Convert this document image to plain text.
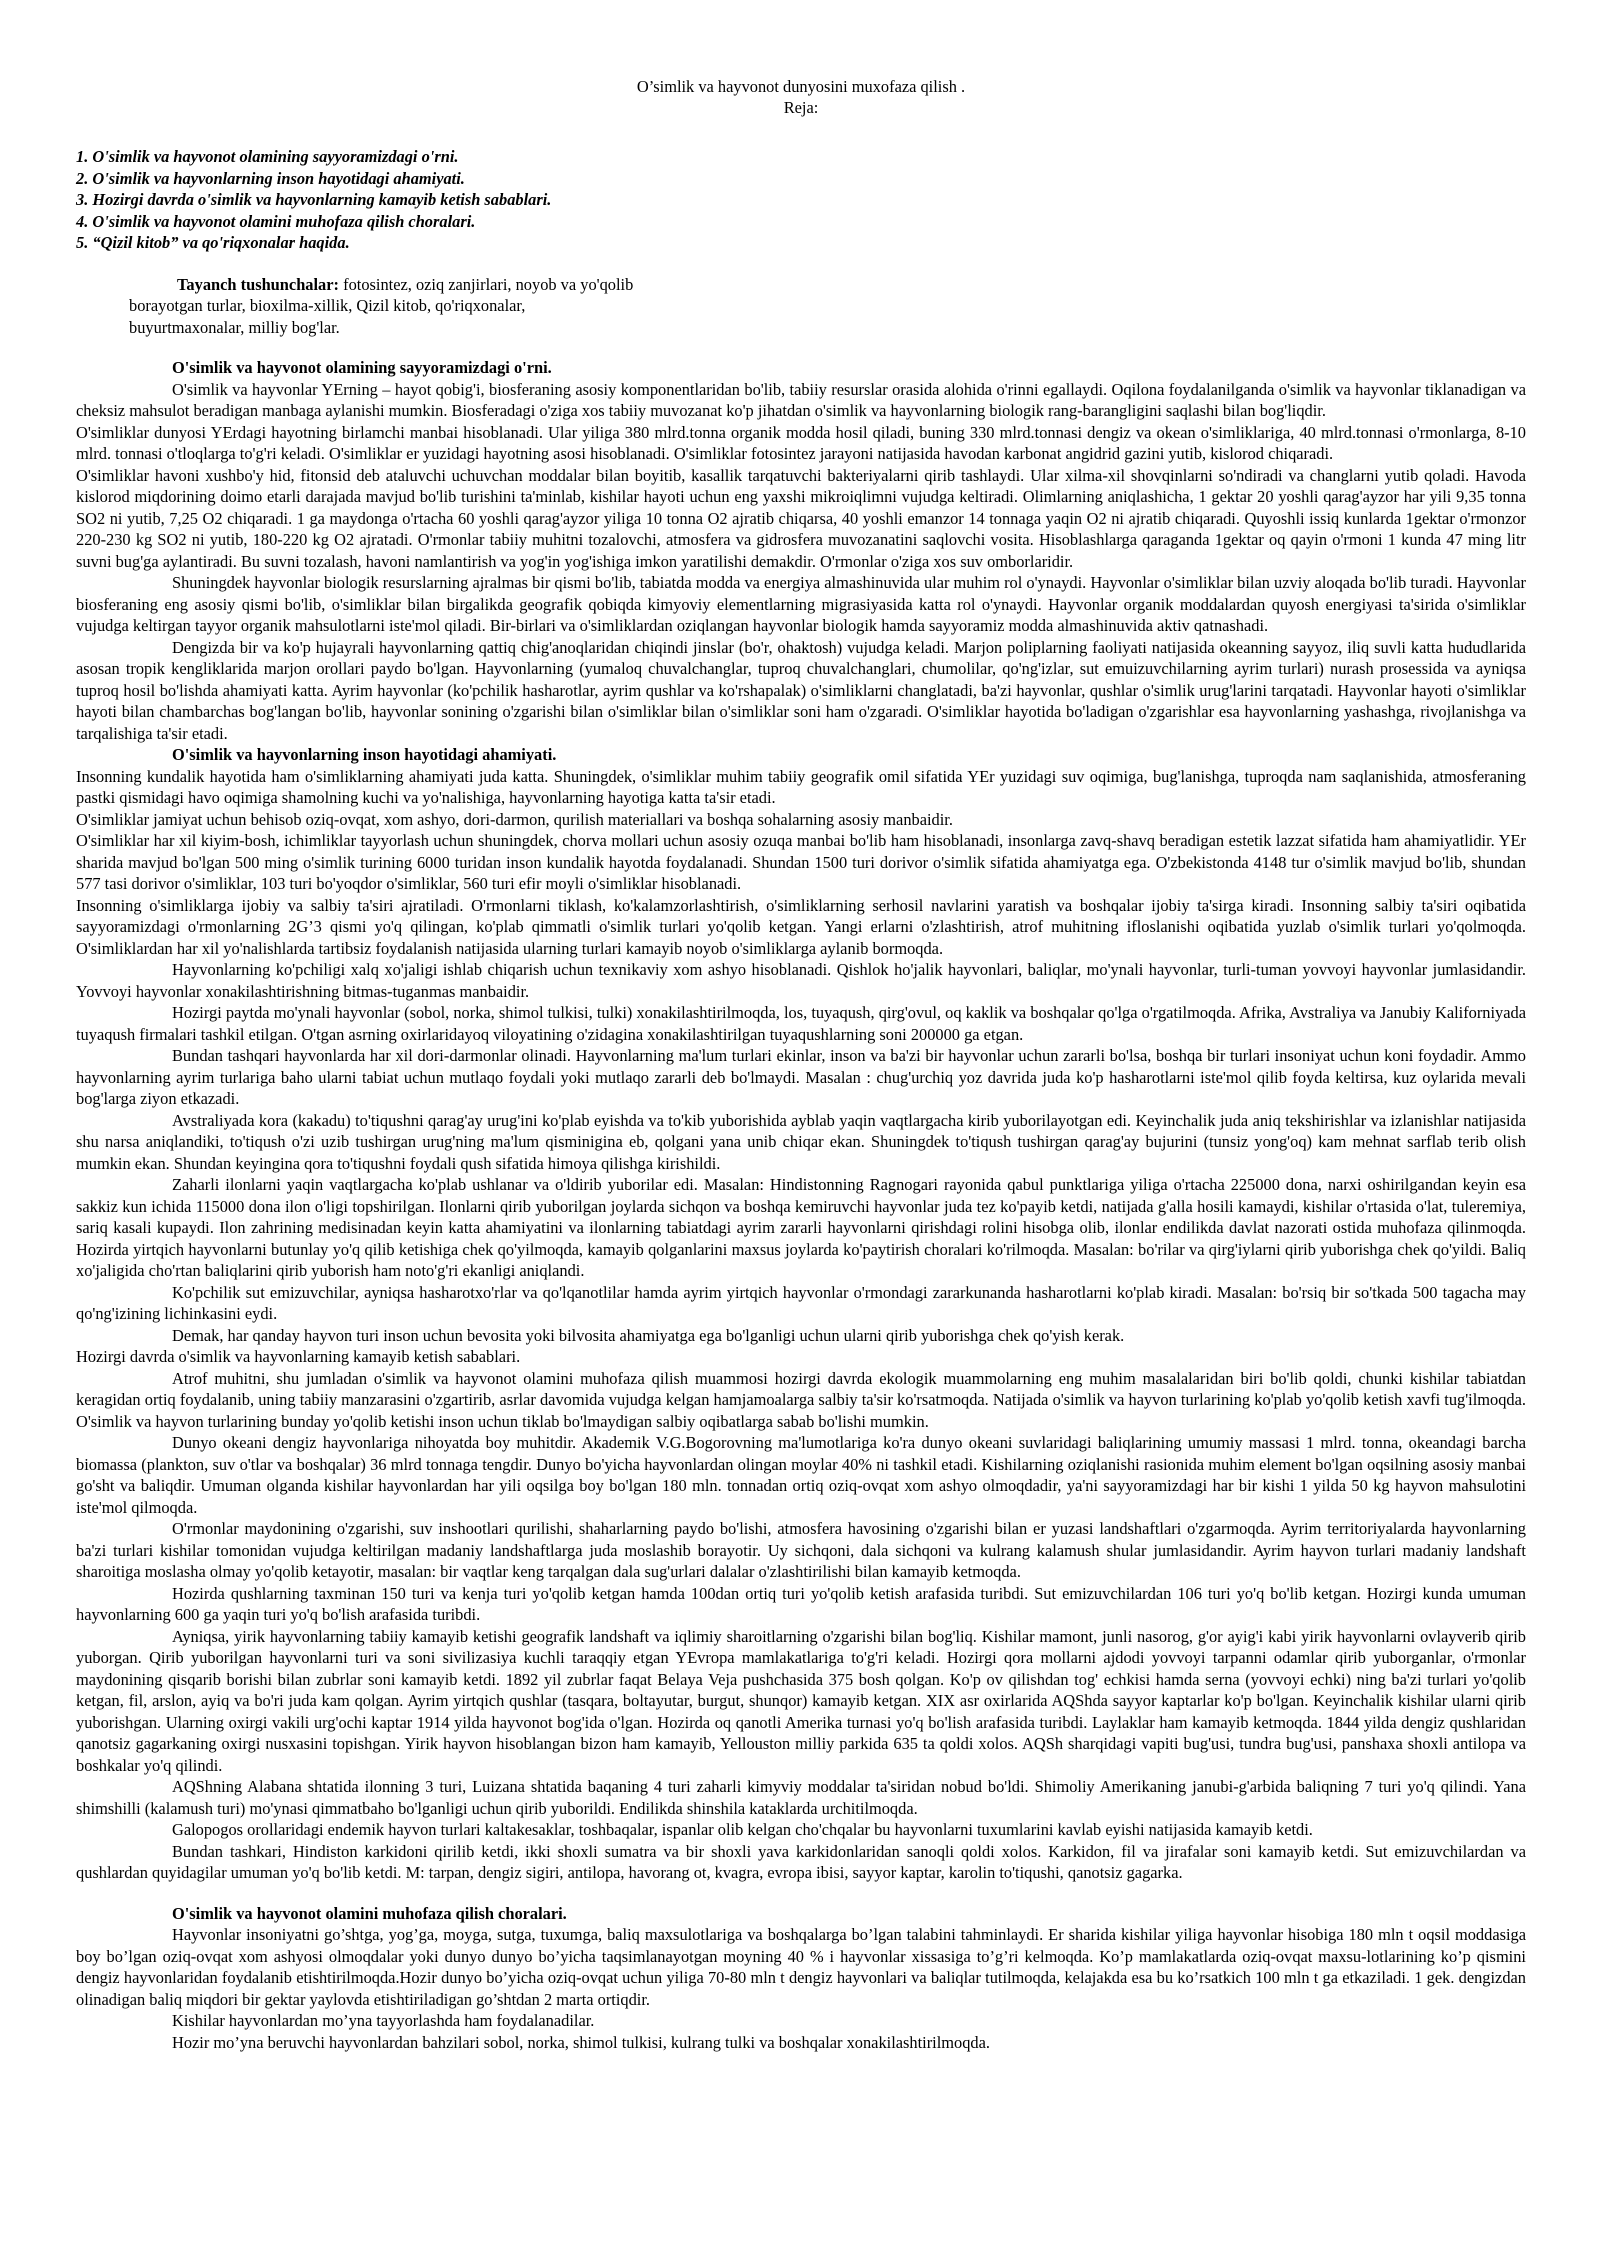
O’simlik va hayvonot dunyosini muxofaza qilish .
Reja:
1. O'simlik va hayvonot olamining sayyoramizdagi o'rni.
2. O'simlik va hayvonlarning inson hayotidagi ahamiyati.
3. Hozirgi davrda o'simlik va hayvonlarning kamayib ketish sabablari.
4. O'simlik va hayvonot olamini muhofaza qilish choralari.
5. “Qizil kitob” va qo'riqxonalar haqida.
Tayanch tushunchalar: fotosintez, oziq zanjirlari, noyob va yo'qolib
borayotgan turlar, bioxilma-xillik, Qizil kitob, qo'riqxonalar,
buyurtmaxonalar, milliy bog'lar.
O'simlik va hayvonot olamining sayyoramizdagi o'rni.

O'simlik va hayvonlar YErning – hayot qobig'i, biosferaning asosiy komponentlaridan bo'lib, tabiiy resurslar orasida alohida o'rinni egallaydi. Oqilona foydalanilganda o'simlik va hayvonlar tiklanadigan va cheksiz mahsulot beradigan manbaga aylanishi mumkin. Biosferadagi o'ziga xos tabiiy muvozanat ko'p jihatdan o'simlik va hayvonlarning biologik rang-barangligini saqlashi bilan bog'liqdir.

O'simliklar dunyosi YErdagi hayotning birlamchi manbai hisoblanadi. Ular yiliga 380 mlrd.tonna organik modda hosil qiladi, buning 330 mlrd.tonnasi dengiz va okean o'simliklariga, 40 mlrd.tonnasi o'rmonlarga, 8-10 mlrd. tonnasi o'tloqlarga to'g'ri keladi. O'simliklar er yuzidagi hayotning asosi hisoblanadi. O'simliklar fotosintez jarayoni natijasida havodan karbonat angidrid gazini yutib, kislorod chiqaradi.

O'simliklar havoni xushbo'y hid, fitonsid deb ataluvchi uchuvchan moddalar bilan boyitib, kasallik tarqatuvchi bakteriyalarni qirib tashlaydi. Ular xilma-xil shovqinlarni so'ndiradi va changlarni yutib qoladi. Havoda kislorod miqdorining doimo etarli darajada mavjud bo'lib turishini ta'minlab, kishilar hayoti uchun eng yaxshi mikroiqlimni vujudga keltiradi. Olimlarning aniqlashicha, 1 gektar 20 yoshli qarag'ayzor har yili 9,35 tonna SO2 ni yutib, 7,25 O2 chiqaradi. 1 ga maydonga o'rtacha 60 yoshli qarag'ayzor yiliga 10 tonna O2 ajratib chiqarsa, 40 yoshli emanzor 14 tonnaga yaqin O2 ni ajratib chiqaradi. Quyoshli issiq kunlarda 1gektar o'rmonzor 220-230 kg SO2 ni yutib, 180-220 kg O2 ajratadi. O'rmonlar tabiiy muhitni tozalovchi, atmosfera va gidrosfera muvozanatini saqlovchi vosita. Hisoblashlarga qaraganda 1gektar oq qayin o'rmoni 1 kunda 47 ming litr suvni bug'ga aylantiradi. Bu suvni tozalash, havoni namlantirish va yog'in yog'ishiga imkon yaratilishi demakdir. O'rmonlar o'ziga xos suv omborlaridir.

Shuningdek hayvonlar biologik resurslarning ajralmas bir qismi bo'lib, tabiatda modda va energiya almashinuvida ular muhim rol o'ynaydi. Hayvonlar o'simliklar bilan uzviy aloqada bo'lib turadi. Hayvonlar biosferaning eng asosiy qismi bo'lib, o'simliklar bilan birgalikda geografik qobiqda kimyoviy elementlarning migrasiyasida katta rol o'ynaydi. Hayvonlar organik moddalardan quyosh energiyasi ta'sirida o'simliklar vujudga keltirgan tayyor organik mahsulotlarni iste'mol qiladi. Bir-birlari va o'simliklardan oziqlangan hayvonlar biologik hamda sayyoramiz modda almashinuvida aktiv qatnashadi.

Dengizda bir va ko'p hujayrali hayvonlarning qattiq chig'anoqlaridan chiqindi jinslar (bo'r, ohaktosh) vujudga keladi. Marjon poliplarning faoliyati natijasida okeanning sayyoz, iliq suvli katta hududlarida asosan tropik kengliklarida marjon orollari paydo bo'lgan. Hayvonlarning (yumaloq chuvalchanglar, tuproq chuvalchanglari, chumolilar, qo'ng'izlar, sut emuizuvchilarning ayrim turlari) nurash prosessida va ayniqsa tuproq hosil bo'lishda ahamiyati katta. Ayrim hayvonlar (ko'pchilik hasharotlar, ayrim qushlar va ko'rshapalak) o'simliklarni changlatadi, ba'zi hayvonlar, qushlar o'simlik urug'larini tarqatadi. Hayvonlar hayoti o'simliklar hayoti bilan chambarchas bog'langan bo'lib, hayvonlar sonining o'zgarishi bilan o'simliklar bilan o'simliklar soni ham o'zgaradi. O'simliklar hayotida bo'ladigan o'zgarishlar esa hayvonlarning yashashga, rivojlanishga va tarqalishiga ta'sir etadi.

O'simlik va hayvonlarning inson hayotidagi ahamiyati.

Insonning kundalik hayotida ham o'simliklarning ahamiyati juda katta. Shuningdek, o'simliklar muhim tabiiy geografik omil sifatida YEr yuzidagi suv oqimiga, bug'lanishga, tuproqda nam saqlanishida, atmosferaning pastki qismidagi havo oqimiga shamolning kuchi va yo'nalishiga, hayvonlarning hayotiga katta ta'sir etadi.

O'simliklar jamiyat uchun behisob oziq-ovqat, xom ashyo, dori-darmon, qurilish materiallari va boshqa sohalarning asosiy manbaidir.

O'simliklar har xil kiyim-bosh, ichimliklar tayyorlash uchun shuningdek, chorva mollari uchun asosiy ozuqa manbai bo'lib ham hisoblanadi, insonlarga zavq-shavq beradigan estetik lazzat sifatida ham ahamiyatlidir. YEr sharida mavjud bo'lgan 500 ming o'simlik turining 6000 turidan inson kundalik hayotda foydalanadi. Shundan 1500 turi dorivor o'simlik sifatida ahamiyatga ega. O'zbekistonda 4148 tur o'simlik mavjud bo'lib, shundan 577 tasi dorivor o'simliklar, 103 turi bo'yoqdor o'simliklar, 560 turi efir moyli o'simliklar hisoblanadi.

Insonning o'simliklarga ijobiy va salbiy ta'siri ajratiladi. O'rmonlarni tiklash, ko'kalamzorlashtirish, o'simliklarning serhosil navlarini yaratish va boshqalar ijobiy ta'sirga kiradi. Insonning salbiy ta'siri oqibatida sayyoramizdagi o'rmonlarning 2G’3 qismi yo'q qilingan, ko'plab qimmatli o'simlik turlari yo'qolib ketgan. Yangi erlarni o'zlashtirish, atrof muhitning ifloslanishi oqibatida yuzlab o'simlik turlari yo'qolmoqda. O'simliklardan har xil yo'nalishlarda tartibsiz foydalanish natijasida ularning turlari kamayib noyob o'simliklarga aylanib bormoqda.

Hayvonlarning ko'pchiligi xalq xo'jaligi ishlab chiqarish uchun texnikaviy xom ashyo hisoblanadi. Qishlok ho'jalik hayvonlari, baliqlar, mo'ynali hayvonlar, turli-tuman yovvoyi hayvonlar jumlasidandir. Yovvoyi hayvonlar xonakilashtirishning bitmas-tuganmas manbaidir.

Hozirgi paytda mo'ynali hayvonlar (sobol, norka, shimol tulkisi, tulki) xonakilashtirilmoqda, los, tuyaqush, qirg'ovul, oq kaklik va boshqalar qo'lga o'rgatilmoqda. Afrika, Avstraliya va Janubiy Kaliforniyada tuyaqush firmalari tashkil etilgan. O'tgan asrning oxirlaridayoq viloyatining o'zidagina xonakilashtirilgan tuyaqushlarning soni 200000 ga etgan.

Bundan tashqari hayvonlarda har xil dori-darmonlar olinadi. Hayvonlarning ma'lum turlari ekinlar, inson va ba'zi bir hayvonlar uchun zararli bo'lsa, boshqa bir turlari insoniyat uchun koni foydadir. Ammo hayvonlarning ayrim turlariga baho ularni tabiat uchun mutlaqo foydali yoki mutlaqo zararli deb bo'lmaydi. Masalan : chug'urchiq yoz davrida juda ko'p hasharotlarni iste'mol qilib foyda keltirsa, kuz oylarida mevali bog'larga ziyon etkazadi.

Avstraliyada kora (kakadu) to'tiqushni qarag'ay urug'ini ko'plab eyishda va to'kib yuborishida ayblab yaqin vaqtlargacha kirib yuborilayotgan edi. Keyinchalik juda aniq tekshirishlar va izlanishlar natijasida shu narsa aniqlandiki, to'tiqush o'zi uzib tushirgan urug'ning ma'lum qisminigina eb, qolgani yana unib chiqar ekan. Shuningdek to'tiqush tushirgan qarag'ay bujurini (tunsiz yong'oq) kam mehnat sarflab terib olish mumkin ekan. Shundan keyingina qora to'tiqushni foydali qush sifatida himoya qilishga kirishildi.

Zaharli ilonlarni yaqin vaqtlargacha ko'plab ushlanar va o'ldirib yuborilar edi. Masalan: Hindistonning Ragnogari rayonida qabul punktlariga yiliga o'rtacha 225000 dona, narxi oshirilgandan keyin esa sakkiz kun ichida 115000 dona ilon o'ligi topshirilgan. Ilonlarni qirib yuborilgan joylarda sichqon va boshqa kemiruvchi hayvonlar juda tez ko'payib ketdi, natijada g'alla hosili kamaydi, kishilar o'rtasida o'lat, tuleremiya, sariq kasali kupaydi. Ilon zahrining medisinadan keyin katta ahamiyatini va ilonlarning tabiatdagi ayrim zararli hayvonlarni qirishdagi rolini hisobga olib, ilonlar endilikda davlat nazorati ostida muhofaza qilinmoqda. Hozirda yirtqich hayvonlarni butunlay yo'q qilib ketishiga chek qo'yilmoqda, kamayib qolganlarini maxsus joylarda ko'paytirish choralari ko'rilmoqda. Masalan: bo'rilar va qirg'iylarni qirib yuborishga chek qo'yildi. Baliq xo'jaligida cho'rtan baliqlarini qirib yuborish ham noto'g'ri ekanligi aniqlandi.

Ko'pchilik sut emizuvchilar, ayniqsa hasharotxo'rlar va qo'lqanotlilar hamda ayrim yirtqich hayvonlar o'rmondagi zararkunanda hasharotlarni ko'plab kiradi. Masalan: bo'rsiq bir so'tkada 500 tagacha may qo'ng'izining lichinkasini eydi.

Demak, har qanday hayvon turi inson uchun bevosita yoki bilvosita ahamiyatga ega bo'lganligi uchun ularni qirib yuborishga chek qo'yish kerak.

Hozirgi davrda o'simlik va hayvonlarning kamayib ketish sabablari.

Atrof muhitni, shu jumladan o'simlik va hayvonot olamini muhofaza qilish muammosi hozirgi davrda ekologik muammolarning eng muhim masalalaridan biri bo'lib qoldi, chunki kishilar tabiatdan keragidan ortiq foydalanib, uning tabiiy manzarasini o'zgartirib, asrlar davomida vujudga kelgan hamjamoalarga salbiy ta'sir ko'rsatmoqda. Natijada o'simlik va hayvon turlarining ko'plab yo'qolib ketish xavfi tug'ilmoqda. O'simlik va hayvon turlarining bunday yo'qolib ketishi inson uchun tiklab bo'lmaydigan salbiy oqibatlarga sabab bo'lishi mumkin.

Dunyo okeani dengiz hayvonlariga nihoyatda boy muhitdir. Akademik V.G.Bogorovning ma'lumotlariga ko'ra dunyo okeani suvlaridagi baliqlarining umumiy massasi 1 mlrd. tonna, okeandagi barcha biomassa (plankton, suv o'tlar va boshqalar) 36 mlrd tonnaga tengdir. Dunyo bo'yicha hayvonlardan olingan moylar 40% ni tashkil etadi. Kishilarning oziqlanishi rasionida muhim element bo'lgan oqsilning asosiy manbai go'sht va baliqdir. Umuman olganda kishilar hayvonlardan har yili oqsilga boy bo'lgan 180 mln. tonnadan ortiq oziq-ovqat xom ashyo olmoqdadir, ya'ni sayyoramizdagi har bir kishi 1 yilda 50 kg hayvon mahsulotini iste'mol qilmoqda.

O'rmonlar maydonining o'zgarishi, suv inshootlari qurilishi, shaharlarning paydo bo'lishi, atmosfera havosining o'zgarishi bilan er yuzasi landshaftlari o'zgarmoqda. Ayrim territoriyalarda hayvonlarning ba'zi turlari kishilar tomonidan vujudga keltirilgan madaniy landshaftlarga juda moslashib borayotir. Uy sichqoni, dala sichqoni va kulrang kalamush shular jumlasidandir. Ayrim hayvon turlari madaniy landshaft sharoitiga moslasha olmay yo'qolib ketayotir, masalan: bir vaqtlar keng tarqalgan dala sug'urlari dalalar o'zlashtirilishi bilan kamayib ketmoqda.

Hozirda qushlarning taxminan 150 turi va kenja turi yo'qolib ketgan hamda 100dan ortiq turi yo'qolib ketish arafasida turibdi. Sut emizuvchilardan 106 turi yo'q bo'lib ketgan. Hozirgi kunda umuman hayvonlarning 600 ga yaqin turi yo'q bo'lish arafasida turibdi.

Ayniqsa, yirik hayvonlarning tabiiy kamayib ketishi geografik landshaft va iqlimiy sharoitlarning o'zgarishi bilan bog'liq. Kishilar mamont, junli nasorog, g'or ayig'i kabi yirik hayvonlarni ovlayverib qirib yuborgan. Qirib yuborilgan hayvonlarni turi va soni sivilizasiya kuchli taraqqiy etgan YEvropa mamlakatlariga to'g'ri keladi. Hozirgi qora mollarni ajdodi yovvoyi tarpanni odamlar qirib yuborganlar, o'rmonlar maydonining qisqarib borishi bilan zubrlar soni kamayib ketdi. 1892 yil zubrlar faqat Belaya Veja pushchasida 375 bosh qolgan. Ko'p ov qilishdan tog' echkisi hamda serna (yovvoyi echki) ning ba'zi turlari yo'qolib ketgan, fil, arslon, ayiq va bo'ri juda kam qolgan. Ayrim yirtqich qushlar (tasqara, boltayutar, burgut, shunqor) kamayib ketgan. XIX asr oxirlarida AQShda sayyor kaptarlar ko'p bo'lgan. Keyinchalik kishilar ularni qirib yuborishgan. Ularning oxirgi vakili urg'ochi kaptar 1914 yilda hayvonot bog'ida o'lgan. Hozirda oq qanotli Amerika turnasi yo'q bo'lish arafasida turibdi. Laylaklar ham kamayib ketmoqda. 1844 yilda dengiz qushlaridan qanotsiz gagarkaning oxirgi nusxasini topishgan. Yirik hayvon hisoblangan bizon ham kamayib, Yellouston milliy parkida 635 ta qoldi xolos. AQSh sharqidagi vapiti bug'usi, tundra bug'usi, panshaxa shoxli antilopa va boshkalar yo'q qilindi.

AQShning Alabana shtatida ilonning 3 turi, Luizana shtatida baqaning 4 turi zaharli kimyviy moddalar ta'siridan nobud bo'ldi. Shimoliy Amerikaning janubi-g'arbida baliqning 7 turi yo'q qilindi. Yana shimshilli (kalamush turi) mo'ynasi qimmatbaho bo'lganligi uchun qirib yuborildi. Endilikda shinshila kataklarda urchitilmoqda.

Galopogos orollaridagi endemik hayvon turlari kaltakesaklar, toshbaqalar, ispanlar olib kelgan cho'chqalar bu hayvonlarni tuxumlarini kavlab eyishi natijasida kamayib ketdi.

Bundan tashkari, Hindiston karkidoni qirilib ketdi, ikki shoxli sumatra va bir shoxli yava karkidonlaridan sanoqli qoldi xolos. Karkidon, fil va jirafalar soni kamayib ketdi. Sut emizuvchilardan va qushlardan quyidagilar umuman yo'q bo'lib ketdi. M: tarpan, dengiz sigiri, antilopa, havorang ot, kvagra, evropa ibisi, sayyor kaptar, karolin to'tiqushi, qanotsiz gagarka.

O'simlik va hayvonot olamini muhofaza qilish choralari.

Hayvonlar insoniyatni go’shtga, yog’ga, moyga, sutga, tuxumga, baliq maxsulotlariga va boshqalarga bo’lgan talabini tahminlaydi. Er sharida kishilar yiliga hayvonlar hisobiga 180 mln t oqsil moddasiga boy bo’lgan oziq-ovqat xom ashyosi olmoqdalar yoki dunyo dunyo bo’yicha taqsimlanayotgan moyning 40 % i hayvonlar xissasiga to’g’ri kelmoqda. Ko’p mamlakatlarda oziq-ovqat maxsu-lotlarining ko’p qismini dengiz hayvonlaridan foydalanib etishtirilmoqda.Hozir dunyo bo’yicha oziq-ovqat uchun yiliga 70-80 mln t dengiz hayvonlari va baliqlar tutilmoqda, kelajakda esa bu ko’rsatkich 100 mln t ga etkaziladi. 1 gek. dengizdan olinadigan baliq miqdori bir gektar yaylovda etishtiriladigan go’shtdan 2 marta ortiqdir.

Kishilar hayvonlardan mo’yna tayyorlashda ham foydalanadilar.

Hozir mo’yna beruvchi hayvonlardan bahzilari sobol, norka, shimol tulkisi, kulrang tulki va boshqalar xonakilashtirilmoqda.
